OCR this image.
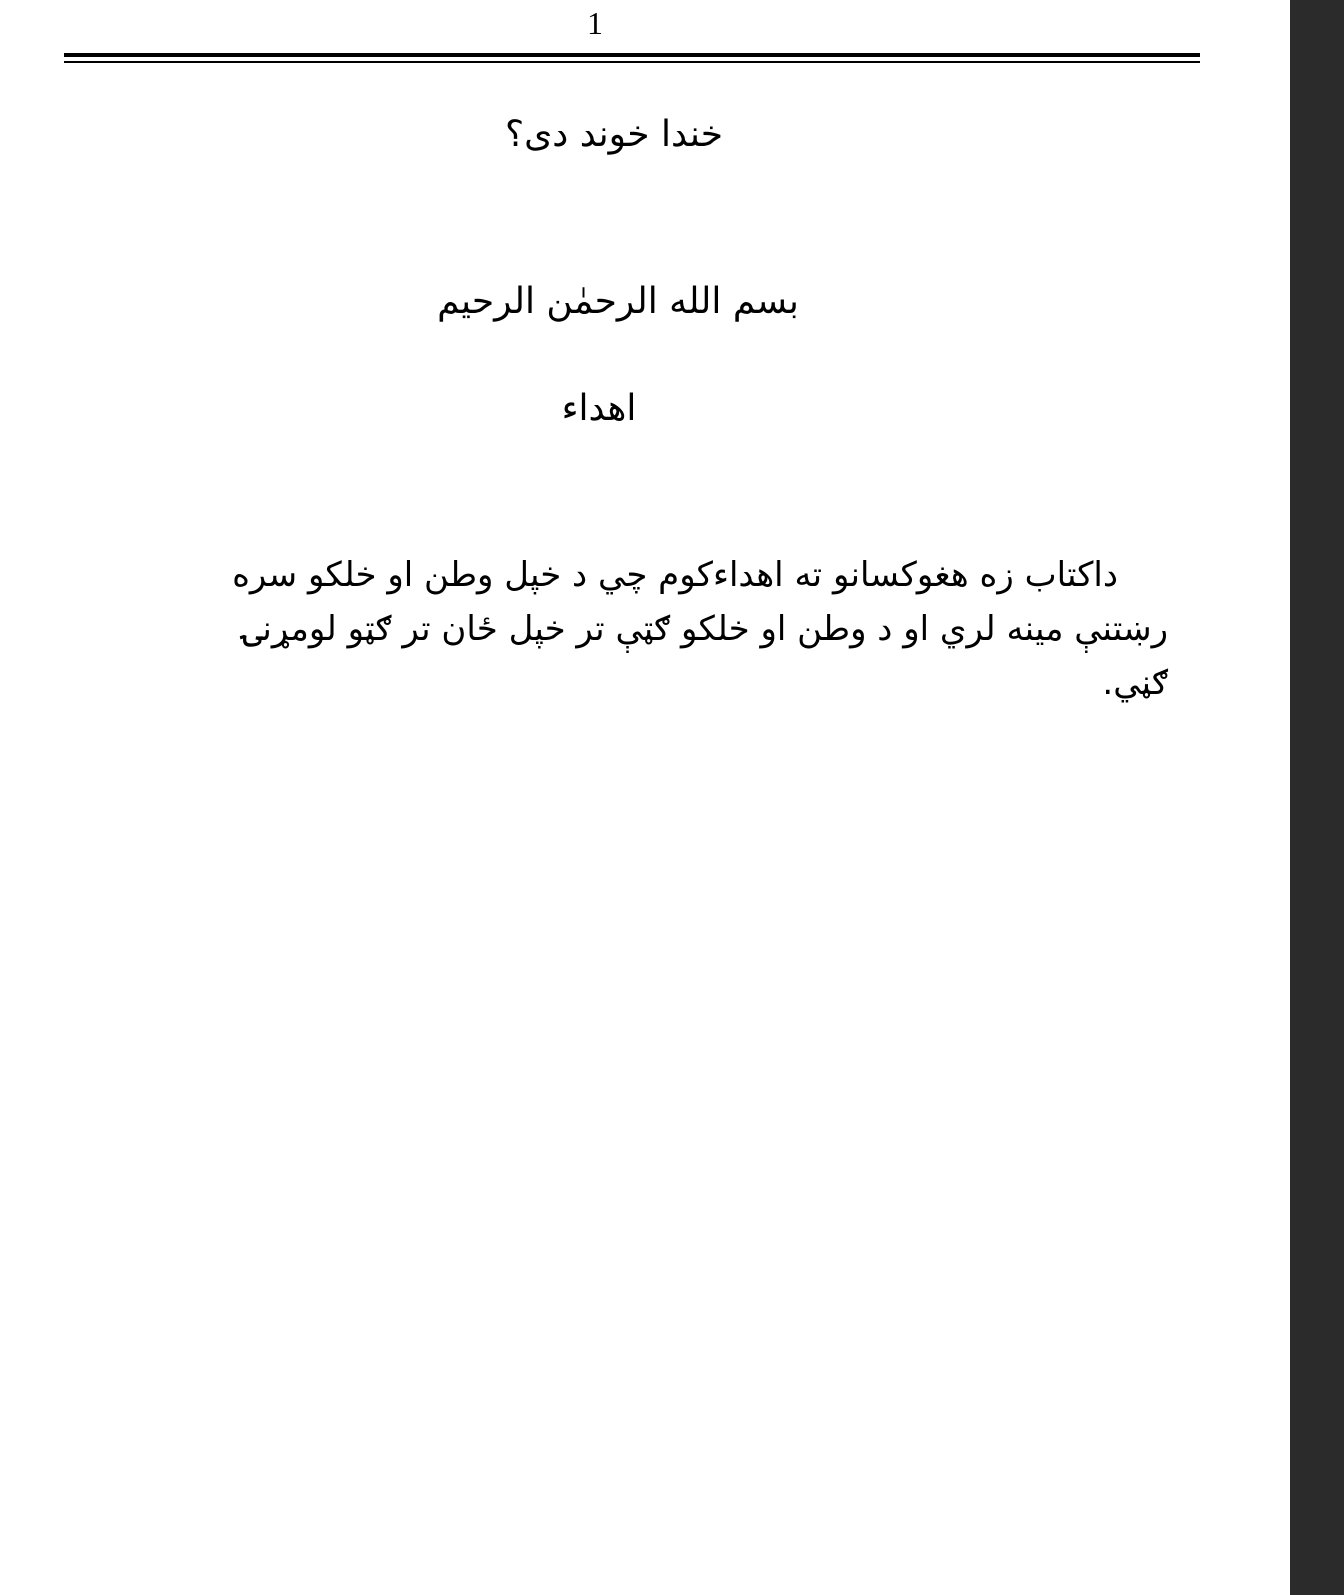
1
خندا خوند دی؟
بسم الله الرحمٰن الرحيم
اهداء
داکتاب زه هغوکسانو ته اهداءکوم چي د خپل وطن او خلکو سره
رښتنې مينه لري او د وطن او خلکو ګټې تر خپل ځان تر ګټو لومړنۍ
ګڼي.
